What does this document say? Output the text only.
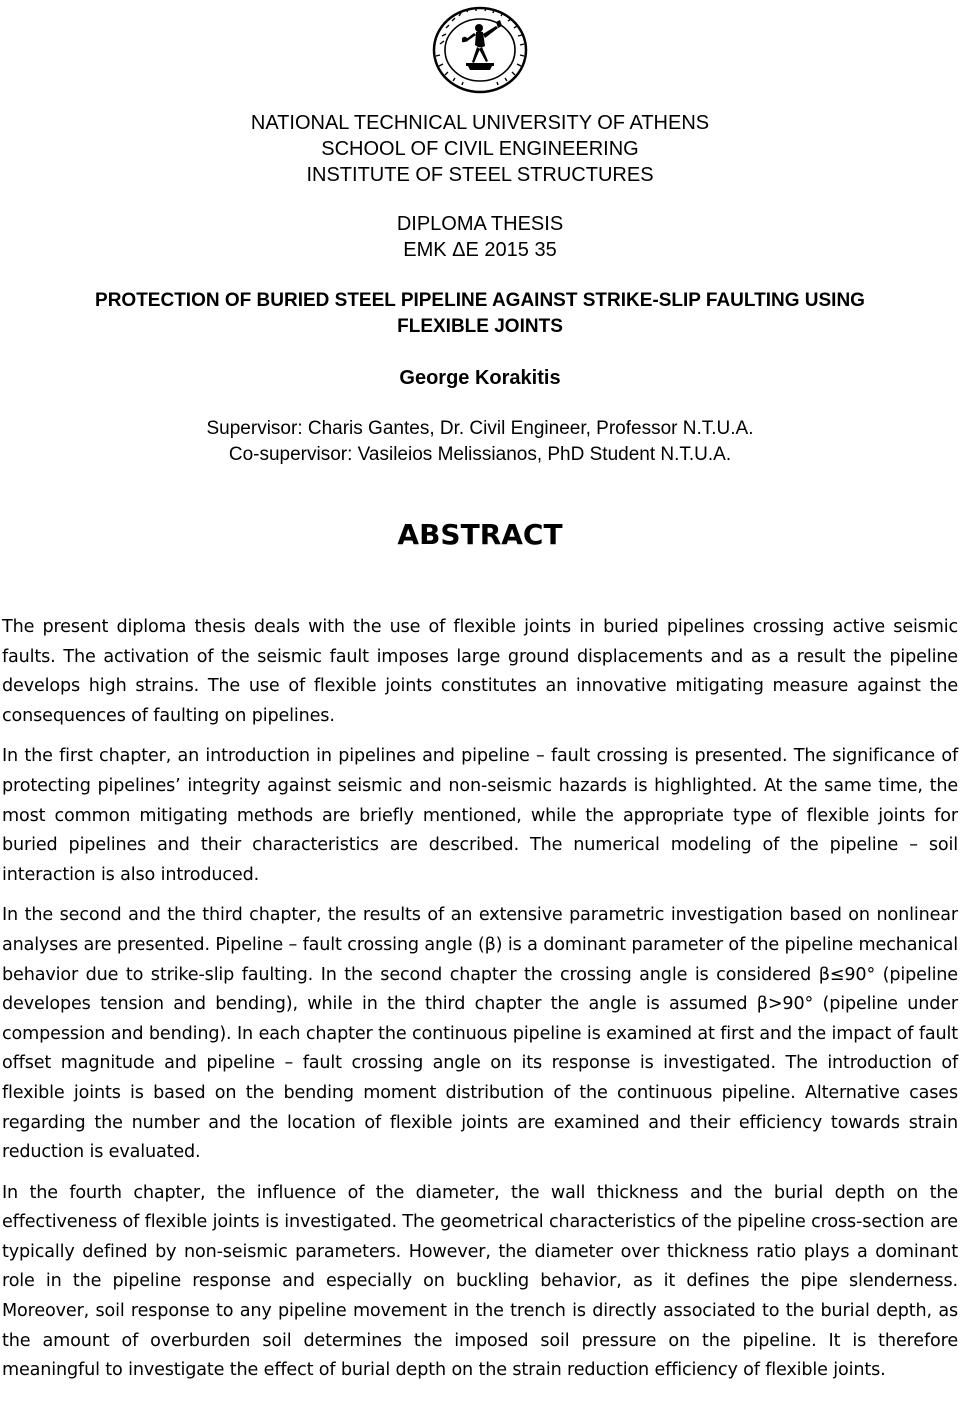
NATIONAL TECHNICAL UNIVERSITY OF ATHENS
SCHOOL OF CIVIL ENGINEERING
INSTITUTE OF STEEL STRUCTURES
DIPLOMA THESIS
EMK ΔΕ 2015 35
PROTECTION OF BURIED STEEL PIPELINE AGAINST STRIKE-SLIP FAULTING USING
FLEXIBLE JOINTS
George Korakitis
Supervisor: Charis Gantes, Dr. Civil Engineer, Professor N.T.U.A.
Co-supervisor: Vasileios Melissianos, PhD Student N.T.U.A.
ABSTRACT

The present diploma thesis deals with the use of flexible joints in buried pipelines crossing active seismic faults. The activation of the seismic fault imposes large ground displacements and as a result the pipeline develops high strains. The use of flexible joints constitutes an innovative mitigating measure against the consequences of faulting on pipelines.

In the first chapter, an introduction in pipelines and pipeline – fault crossing is presented. The significance of protecting pipelines’ integrity against seismic and non-seismic hazards is highlighted. At the same time, the most common mitigating methods are briefly mentioned, while the appropriate type of flexible joints for buried pipelines and their characteristics are described. The numerical modeling of the pipeline – soil interaction is also introduced.

In the second and the third chapter, the results of an extensive parametric investigation based on nonlinear analyses are presented. Pipeline – fault crossing angle (β) is a dominant parameter of the pipeline mechanical behavior due to strike-slip faulting. In the second chapter the crossing angle is considered β≤90° (pipeline developes tension and bending), while in the third chapter the angle is assumed β>90° (pipeline under compession and bending). In each chapter the continuous pipeline is examined at first and the impact of fault offset magnitude and pipeline – fault crossing angle on its response is investigated. The introduction of flexible joints is based on the bending moment distribution of the continuous pipeline. Alternative cases regarding the number and the location of flexible joints are examined and their efficiency towards strain reduction is evaluated.

In the fourth chapter, the influence of the diameter, the wall thickness and the burial depth on the effectiveness of flexible joints is investigated. The geometrical characteristics of the pipeline cross-section are typically defined by non-seismic parameters. However, the diameter over thickness ratio plays a dominant role in the pipeline response and especially on buckling behavior, as it defines the pipe slenderness. Moreover, soil response to any pipeline movement in the trench is directly associated to the burial depth, as the amount of overburden soil determines the imposed soil pressure on the pipeline. It is therefore meaningful to investigate the effect of burial depth on the strain reduction efficiency of flexible joints.
